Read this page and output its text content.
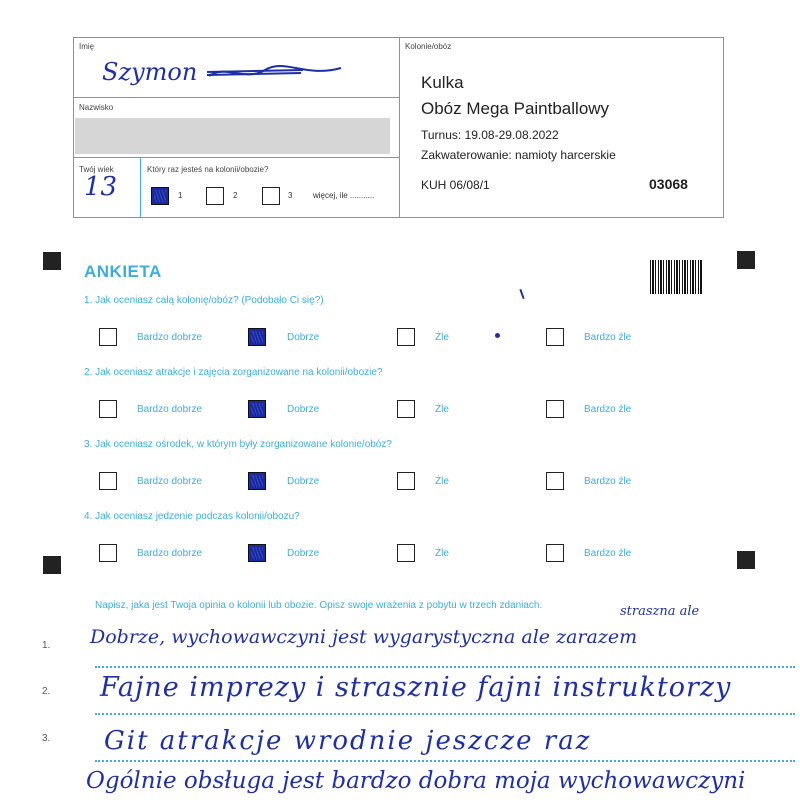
Imię
Szymon
Nazwisko
Twój wiek
13
Który raz jesteś na kolonii/obozie?
1	2	3	więcej, ile ...........
Kolonie/obóz
Kulka
Obóz Mega Paintballowy
Turnus: 19.08-29.08.2022
Zakwaterowanie: namioty harcerskie
KUH 06/08/1	03068
ANKIETA
1. Jak oceniasz całą kolonię/obóz? (Podobało Ci się?)
Bardzo dobrze	Dobrze	Źle	Bardzo źle
2. Jak oceniasz atrakcje i zajęcia zorganizowane na kolonii/obozie?
Bardzo dobrze	Dobrze	Źle	Bardzo źle
3. Jak oceniasz ośrodek, w którym były zorganizowane kolonie/obóz?
Bardzo dobrze	Dobrze	Źle	Bardzo źle
4. Jak oceniasz jedzenie podczas kolonii/obozu?
Bardzo dobrze	Dobrze	Źle	Bardzo źle
Napisz, jaka jest Twoja opinia o kolonii lub obozie. Opisz swoje wrażenia z pobytu w trzech zdaniach.
1.
2.
3.
straszna ale
Dobrze, wychowawczyni jest wygarystyczna ale zarazem
Fajne imprezy i strasznie fajni instruktorzy
Git atrakcje wrodnie jeszcze raz
Ogólnie obsługa jest bardzo dobra moja wychowawczyni
